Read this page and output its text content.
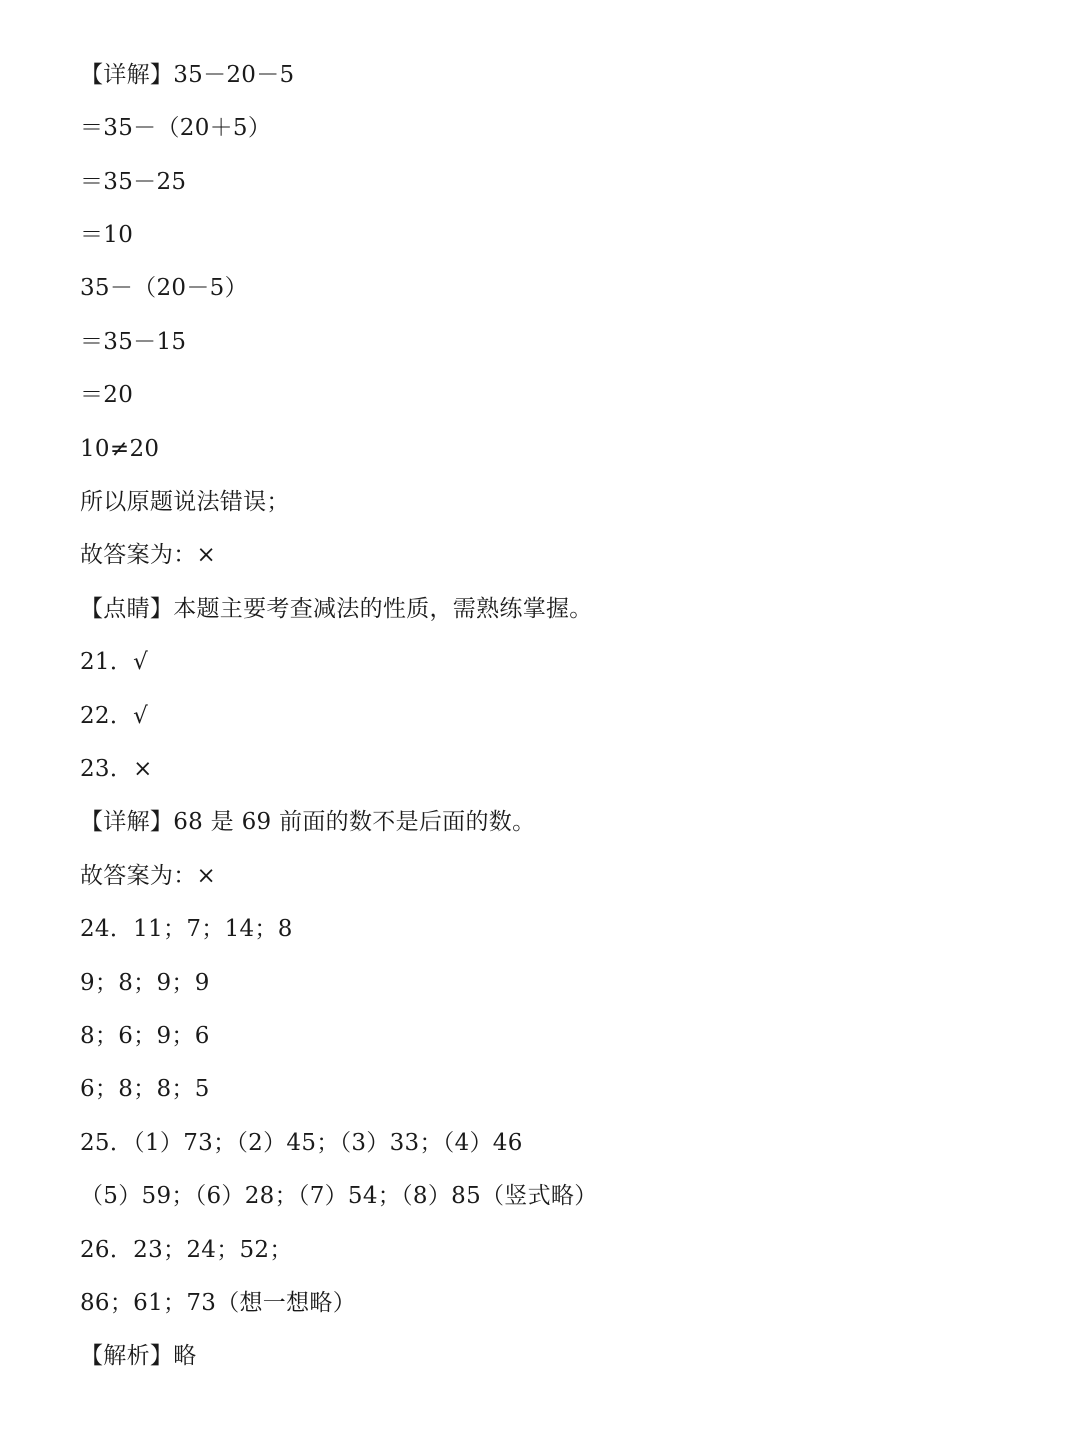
【详解】35－20－5
＝35－（20＋5）
＝35－25
＝10
35－（20－5）
＝35－15
＝20
10≠20
所以原题说法错误；
故答案为：×
【点睛】本题主要考查减法的性质，需熟练掌握。
21．√
22．√
23．×
【详解】68 是 69 前面的数不是后面的数。
故答案为：×
24．11；7；14；8
9；8；9；9
8；6；9；6
6；8；8；5
25．（1）73；（2）45；（3）33；（4）46
（5）59；（6）28；（7）54；（8）85（竖式略）
26．23；24；52；
86；61；73（想一想略）
【解析】略
